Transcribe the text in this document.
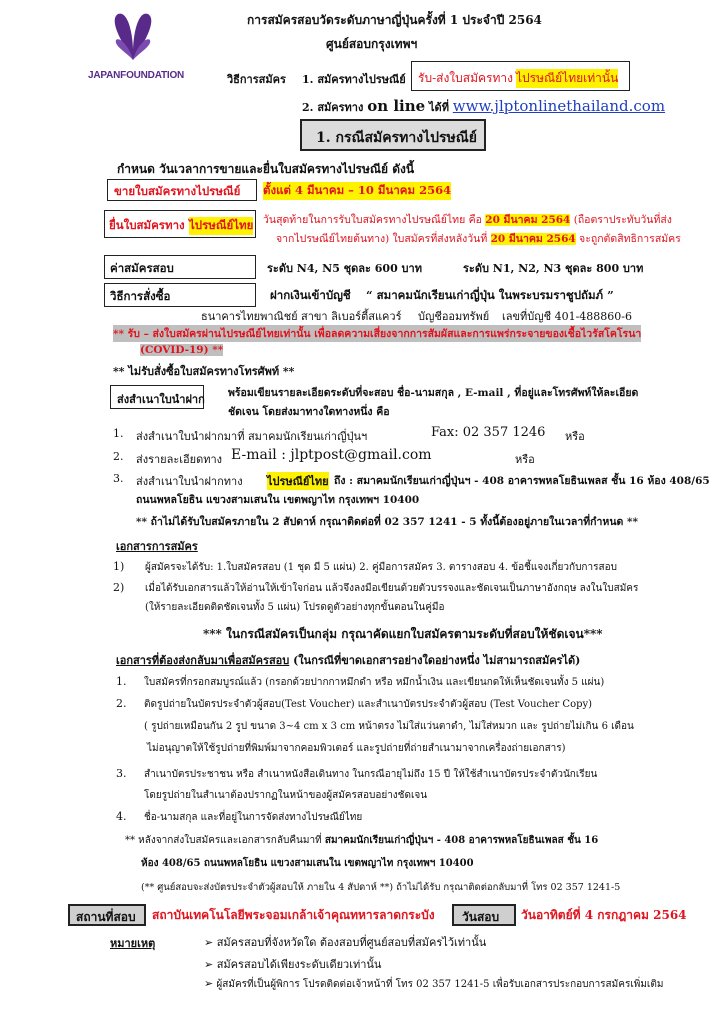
JAPANFOUNDATION
การสมัครสอบวัดระดับภาษาญี่ปุ่นครั้งที่ 1 ประจำปี 2564
ศูนย์สอบกรุงเทพฯ
วิธีการสมัคร 1. สมัครทางไปรษณีย์ รับ-ส่งใบสมัครทาง ไปรษณีย์ไทยเท่านั้น
2. สมัครทาง on line ได้ที่ www.jlptonlinethailand.com
1. กรณีสมัครทางไปรษณีย์
กำหนด วันเวลาการขายและยื่นใบสมัครทางไปรษณีย์ ดังนี้
ขายใบสมัครทางไปรษณีย์ ตั้งแต่ 4 มีนาคม – 10 มีนาคม 2564
ยื่นใบสมัครทาง ไปรษณีย์ไทย วันสุดท้ายในการรับใบสมัครทางไปรษณีย์ไทย คือ 20 มีนาคม 2564 (ถือตราประทับวันที่ส่ง
จากไปรษณีย์ไทยต้นทาง) ใบสมัครที่ส่งหลังวันที่ 20 มีนาคม 2564 จะถูกตัดสิทธิการสมัคร
ค่าสมัครสอบ	ระดับ N4, N5 ชุดละ 600 บาท	ระดับ N1, N2, N3 ชุดละ 800 บาท
วิธีการสั่งซื้อ	ฝากเงินเข้าบัญชี “ สมาคมนักเรียนเก่าญี่ปุ่น ในพระบรมราชูปถัมภ์ ”
ธนาคารไทยพาณิชย์ สาขา ลิเบอร์ตี้สแควร์ บัญชีออมทรัพย์ เลขที่บัญชี 401-488860-6
** รับ – ส่งใบสมัครผ่านไปรษณีย์ไทยเท่านั้น เพื่อลดความเสี่ยงจากการสัมผัสและการแพร่กระจายของเชื้อไวรัสโคโรนา
(COVID-19) **
** ไม่รับสั่งซื้อใบสมัครทางโทรศัพท์ **
ส่งสำเนาใบนำฝาก พร้อมเขียนรายละเอียดระดับที่จะสอบ ชื่อ-นามสกุล , E-mail , ที่อยู่และโทรศัพท์ให้ละเอียด
ชัดเจน โดยส่งมาทางใดทางหนึ่ง คือ
1.	ส่งสำเนาใบนำฝากมาที่ สมาคมนักเรียนเก่าญี่ปุ่นฯ	Fax: 02 357 1246 หรือ
2.	ส่งรายละเอียดทาง E-mail : jlptpost@gmail.com	หรือ
3.	ส่งสำเนาใบนำฝากทาง ไปรษณีย์ไทย ถึง : สมาคมนักเรียนเก่าญี่ปุ่นฯ - 408 อาคารพหลโยธินเพลส ชั้น 16 ห้อง 408/65
ถนนพหลโยธิน แขวงสามเสนใน เขตพญาไท กรุงเทพฯ 10400
** ถ้าไม่ได้รับใบสมัครภายใน 2 สัปดาห์ กรุณาติดต่อที่ 02 357 1241 - 5 ทั้งนี้ต้องอยู่ภายในเวลาที่กำหนด **
เอกสารการสมัคร
1) ผู้สมัครจะได้รับ: 1.ใบสมัครสอบ (1 ชุด มี 5 แผ่น) 2. คู่มือการสมัคร 3. ตารางสอบ 4. ข้อชี้แจงเกี่ยวกับการสอบ
2) เมื่อได้รับเอกสารแล้วให้อ่านให้เข้าใจก่อน แล้วจึงลงมือเขียนด้วยตัวบรรจงและชัดเจนเป็นภาษาอังกฤษ ลงในใบสมัคร
(ให้รายละเอียดติดชัดเจนทั้ง 5 แผ่น) โปรดดูตัวอย่างทุกขั้นตอนในคู่มือ
*** ในกรณีสมัครเป็นกลุ่ม กรุณาคัดแยกใบสมัครตามระดับที่สอบให้ชัดเจน***
เอกสารที่ต้องส่งกลับมาเพื่อสมัครสอบ (ในกรณีที่ขาดเอกสารอย่างใดอย่างหนึ่ง ไม่สามารถสมัครได้)
1. ใบสมัครที่กรอกสมบูรณ์แล้ว (กรอกด้วยปากกาหมึกดำ หรือ หมึกน้ำเงิน และเขียนกดให้เห็นชัดเจนทั้ง 5 แผ่น)
2. ติดรูปถ่ายในบัตรประจำตัวผู้สอบ(Test Voucher) และสำเนาบัตรประจำตัวผู้สอบ (Test Voucher Copy)
( รูปถ่ายเหมือนกัน 2 รูป ขนาด 3~4 cm x 3 cm หน้าตรง ไม่ใส่แว่นตาดำ, ไม่ใส่หมวก และ รูปถ่ายไม่เกิน 6 เดือน
ไม่อนุญาตให้ใช้รูปถ่ายที่พิมพ์มาจากคอมพิวเตอร์ และรูปถ่ายที่ถ่ายสำเนามาจากเครื่องถ่ายเอกสาร)
3. สำเนาบัตรประชาชน หรือ สำเนาหนังสือเดินทาง ในกรณีอายุไม่ถึง 15 ปี ให้ใช้สำเนาบัตรประจำตัวนักเรียน
โดยรูปถ่ายในสำเนาต้องปรากฏในหน้าของผู้สมัครสอบอย่างชัดเจน
4. ชื่อ-นามสกุล และที่อยู่ในการจัดส่งทางไปรษณีย์ไทย
** หลังจากส่งใบสมัครและเอกสารกลับคืนมาที่ สมาคมนักเรียนเก่าญี่ปุ่นฯ - 408 อาคารพหลโยธินเพลส ชั้น 16
ห้อง 408/65 ถนนพหลโยธิน แขวงสามเสนใน เขตพญาไท กรุงเทพฯ 10400
(** ศูนย์สอบจะส่งบัตรประจำตัวผู้สอบให้ ภายใน 4 สัปดาห์ **) ถ้าไม่ได้รับ กรุณาติดต่อกลับมาที่ โทร 02 357 1241-5
สถานที่สอบ สถาบันเทคโนโลยีพระจอมเกล้าเจ้าคุณทหารลาดกระบัง วันสอบ วันอาทิตย์ที่ 4 กรกฎาคม 2564
หมายเหตุ	➢ สมัครสอบที่จังหวัดใด ต้องสอบที่ศูนย์สอบที่สมัครไว้เท่านั้น
➢ สมัครสอบได้เพียงระดับเดียวเท่านั้น
➢ ผู้สมัครที่เป็นผู้พิการ โปรดติดต่อเจ้าหน้าที่ โทร 02 357 1241-5 เพื่อรับเอกสารประกอบการสมัครเพิ่มเติม
